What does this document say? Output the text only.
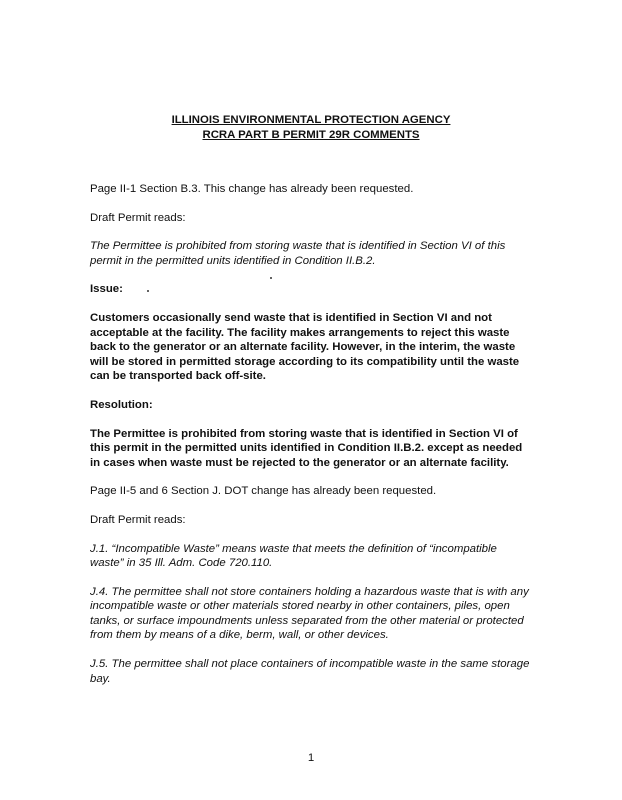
ILLINOIS ENVIRONMENTAL PROTECTION AGENCY
RCRA PART B PERMIT 29R COMMENTS

Page II-1 Section B.3. This change has already been requested.

Draft Permit reads:

The Permittee is prohibited from storing waste that is identified in Section VI of this permit in the permitted units identified in Condition II.B.2.

Issue:

Customers occasionally send waste that is identified in Section VI and not acceptable at the facility. The facility makes arrangements to reject this waste back to the generator or an alternate facility. However, in the interim, the waste will be stored in permitted storage according to its compatibility until the waste can be transported back off-site.

Resolution:

The Permittee is prohibited from storing waste that is identified in Section VI of this permit in the permitted units identified in Condition II.B.2. except as needed in cases when waste must be rejected to the generator or an alternate facility.

Page II-5 and 6 Section J. DOT change has already been requested.

Draft Permit reads:

J.1. “Incompatible Waste” means waste that meets the definition of “incompatible waste” in 35 Ill. Adm. Code 720.110.

J.4. The permittee shall not store containers holding a hazardous waste that is with any incompatible waste or other materials stored nearby in other containers, piles, open tanks, or surface impoundments unless separated from the other material or protected from them by means of a dike, berm, wall, or other devices.

J.5. The permittee shall not place containers of incompatible waste in the same storage bay.

1
